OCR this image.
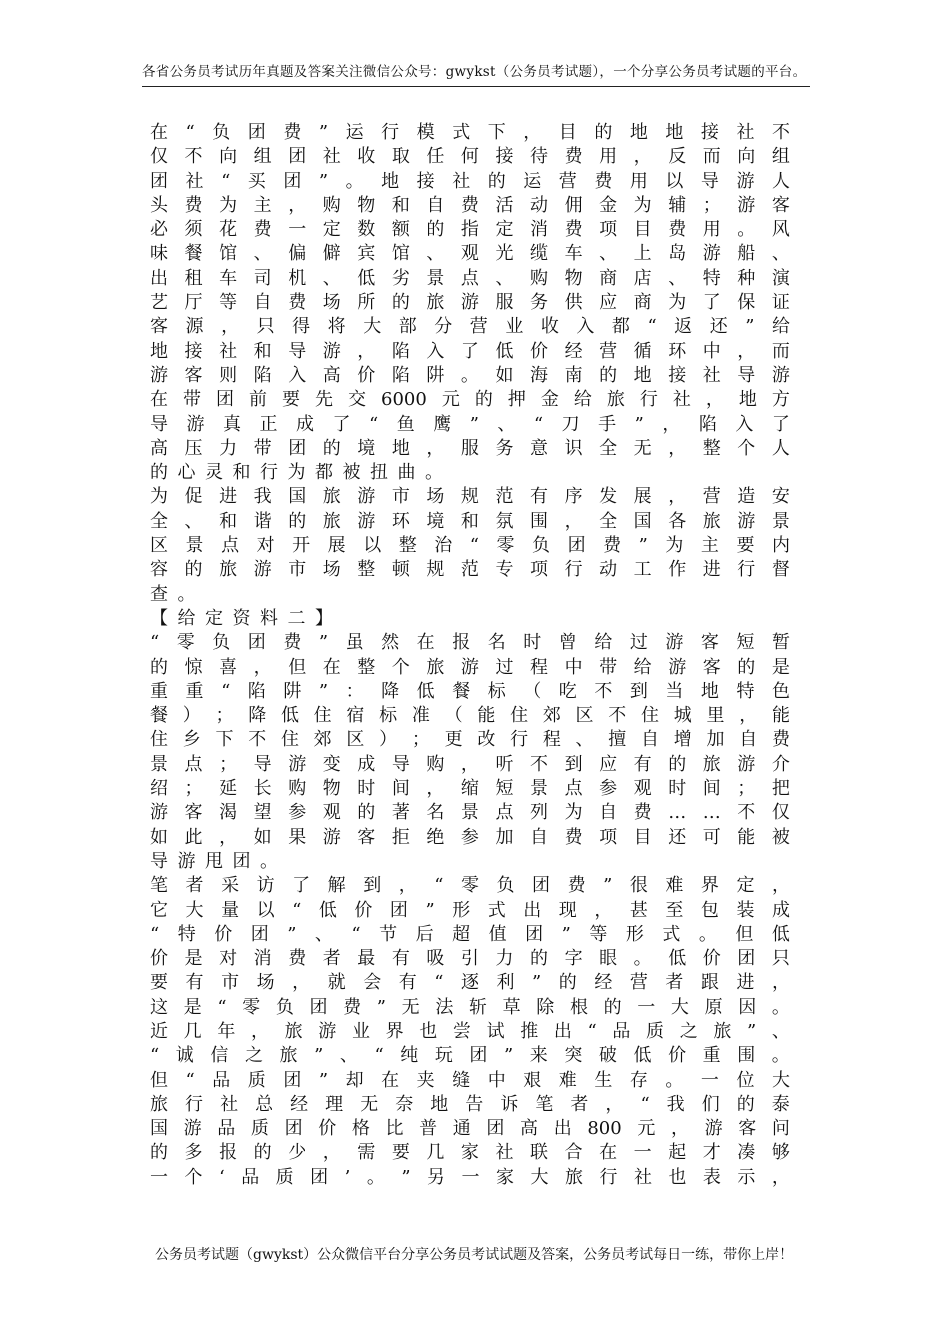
各省公务员考试历年真题及答案关注微信公众号：gwykst（公务员考试题），一个分享公务员考试题的平台。
在 “ 负 团 费 ” 运 行 模 式 下 ， 目 的 地 地 接 社 不
仅 不 向 组 团 社 收 取 任 何 接 待 费 用 ， 反 而 向 组
团 社 “ 买 团 ” 。 地 接 社 的 运 营 费 用 以 导 游 人
头 费 为 主 ， 购 物 和 自 费 活 动 佣 金 为 辅 ； 游 客
必 须 花 费 一 定 数 额 的 指 定 消 费 项 目 费 用 。 风
味 餐 馆 、 偏 僻 宾 馆 、 观 光 缆 车 、 上 岛 游 船 、
出 租 车 司 机 、 低 劣 景 点 、 购 物 商 店 、 特 种 演
艺 厅 等 自 费 场 所 的 旅 游 服 务 供 应 商 为 了 保 证
客 源 ， 只 得 将 大 部 分 营 业 收 入 都 “ 返 还 ” 给
地 接 社 和 导 游 ， 陷 入 了 低 价 经 营 循 环 中 ， 而
游 客 则 陷 入 高 价 陷 阱 。 如 海 南 的 地 接 社 导 游
在 带 团 前 要 先 交 6000 元 的 押 金 给 旅 行 社 ， 地 方
导 游 真 正 成 了 “ 鱼 鹰 ” 、 “ 刀 手 ” ， 陷 入 了
高 压 力 带 团 的 境 地 ， 服 务 意 识 全 无 ， 整 个 人
的 心 灵 和 行 为 都 被 扭 曲 。
为 促 进 我 国 旅 游 市 场 规 范 有 序 发 展 ， 营 造 安
全 、 和 谐 的 旅 游 环 境 和 氛 围 ， 全 国 各 旅 游 景
区 景 点 对 开 展 以 整 治 “ 零 负 团 费 ” 为 主 要 内
容 的 旅 游 市 场 整 顿 规 范 专 项 行 动 工 作 进 行 督
查 。
【 给 定 资 料 二 】
“ 零 负 团 费 ” 虽 然 在 报 名 时 曾 给 过 游 客 短 暂
的 惊 喜 ， 但 在 整 个 旅 游 过 程 中 带 给 游 客 的 是
重 重 “ 陷 阱 ” ： 降 低 餐 标 （ 吃 不 到 当 地 特 色
餐 ） ； 降 低 住 宿 标 准 （ 能 住 郊 区 不 住 城 里 ， 能
住 乡 下 不 住 郊 区 ） ； 更 改 行 程 、 擅 自 增 加 自 费
景 点 ； 导 游 变 成 导 购 ， 听 不 到 应 有 的 旅 游 介
绍 ； 延 长 购 物 时 间 ， 缩 短 景 点 参 观 时 间 ； 把
游 客 渴 望 参 观 的 著 名 景 点 列 为 自 费 … … 不 仅
如 此 ， 如 果 游 客 拒 绝 参 加 自 费 项 目 还 可 能 被
导 游 甩 团 。
笔 者 采 访 了 解 到 ， “ 零 负 团 费 ” 很 难 界 定 ，
它 大 量 以 “ 低 价 团 ” 形 式 出 现 ， 甚 至 包 装 成
“ 特 价 团 ” 、 “ 节 后 超 值 团 ” 等 形 式 。 但 低
价 是 对 消 费 者 最 有 吸 引 力 的 字 眼 。 低 价 团 只
要 有 市 场 ， 就 会 有 “ 逐 利 ” 的 经 营 者 跟 进 ，
这 是 “ 零 负 团 费 ” 无 法 斩 草 除 根 的 一 大 原 因 。
近 几 年 ， 旅 游 业 界 也 尝 试 推 出 “ 品 质 之 旅 ” 、
“ 诚 信 之 旅 ” 、 “ 纯 玩 团 ” 来 突 破 低 价 重 围 。
但 “ 品 质 团 ” 却 在 夹 缝 中 艰 难 生 存 。 一 位 大
旅 行 社 总 经 理 无 奈 地 告 诉 笔 者 ， “ 我 们 的 泰
国 游 品 质 团 价 格 比 普 通 团 高 出 800 元 ， 游 客 问
的 多 报 的 少 ， 需 要 几 家 社 联 合 在 一 起 才 凑 够
一 个 ‘ 品 质 团 ’ 。 ” 另 一 家 大 旅 行 社 也 表 示 ，
公务员考试题（gwykst）公众微信平台分享公务员考试试题及答案，公务员考试每日一练，带你上岸！
